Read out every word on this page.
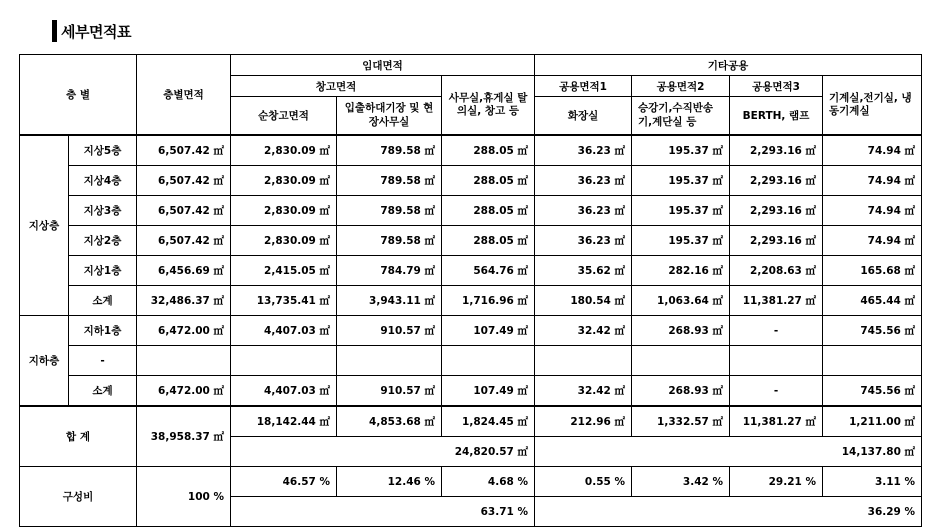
세부면적표
층 별		층별면적	임대면적			기타공용			
			창고면적		사무실,휴게실 탈의실, 창고 등	공용면적1	공용면적2	공용면적3	기계실,전기실, 냉동기계실
			순창고면적	입출하대기장 및 현장사무실		화장실	승강기,수직반송기,계단실 등	BERTH, 램프	
지상층	지상5층	6,507.42 ㎡	2,830.09 ㎡	789.58 ㎡	288.05 ㎡	36.23 ㎡	195.37 ㎡	2,293.16 ㎡	74.94 ㎡
	지상4층	6,507.42 ㎡	2,830.09 ㎡	789.58 ㎡	288.05 ㎡	36.23 ㎡	195.37 ㎡	2,293.16 ㎡	74.94 ㎡
	지상3층	6,507.42 ㎡	2,830.09 ㎡	789.58 ㎡	288.05 ㎡	36.23 ㎡	195.37 ㎡	2,293.16 ㎡	74.94 ㎡
	지상2층	6,507.42 ㎡	2,830.09 ㎡	789.58 ㎡	288.05 ㎡	36.23 ㎡	195.37 ㎡	2,293.16 ㎡	74.94 ㎡
	지상1층	6,456.69 ㎡	2,415.05 ㎡	784.79 ㎡	564.76 ㎡	35.62 ㎡	282.16 ㎡	2,208.63 ㎡	165.68 ㎡
	소계	32,486.37 ㎡	13,735.41 ㎡	3,943.11 ㎡	1,716.96 ㎡	180.54 ㎡	1,063.64 ㎡	11,381.27 ㎡	465.44 ㎡
지하층	지하1층	6,472.00 ㎡	4,407.03 ㎡	910.57 ㎡	107.49 ㎡	32.42 ㎡	268.93 ㎡	-	745.56 ㎡
	-								
	소계	6,472.00 ㎡	4,407.03 ㎡	910.57 ㎡	107.49 ㎡	32.42 ㎡	268.93 ㎡	-	745.56 ㎡
합 계		38,958.37 ㎡	18,142.44 ㎡	4,853.68 ㎡	1,824.45 ㎡	212.96 ㎡	1,332.57 ㎡	11,381.27 ㎡	1,211.00 ㎡
			24,820.57 ㎡			14,137.80 ㎡			
구성비		100 %	46.57 %	12.46 %	4.68 %	0.55 %	3.42 %	29.21 %	3.11 %
			63.71 %			36.29 %			
